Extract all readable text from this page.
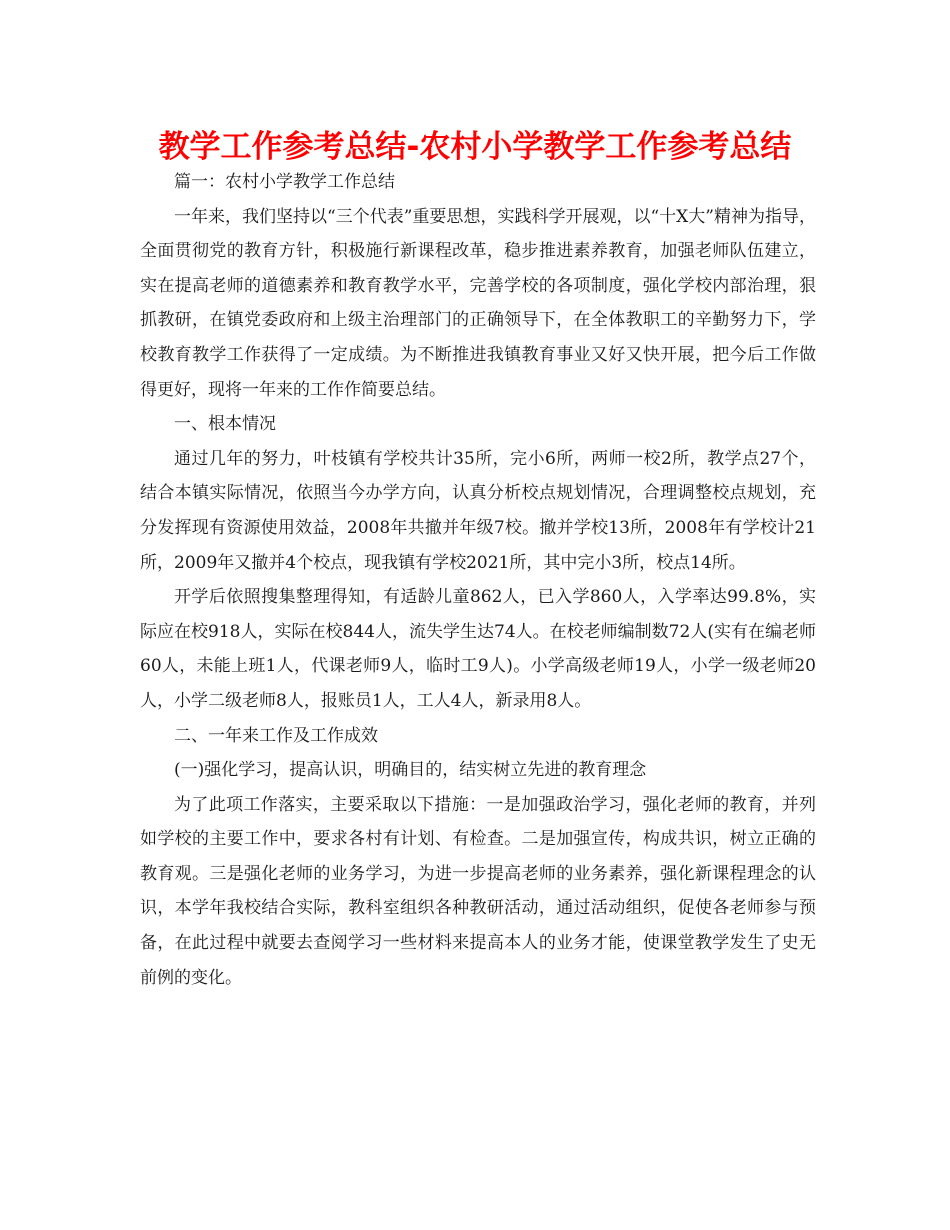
教学工作参考总结-农村小学教学工作参考总结

篇一：农村小学教学工作总结

一年来，我们坚持以“三个代表”重要思想，实践科学开展观，以“十X大”精神为指导，全面贯彻党的教育方针，积极施行新课程改革，稳步推进素养教育，加强老师队伍建立，实在提高老师的道德素养和教育教学水平，完善学校的各项制度，强化学校内部治理，狠抓教研，在镇党委政府和上级主治理部门的正确领导下，在全体教职工的辛勤努力下，学校教育教学工作获得了一定成绩。为不断推进我镇教育事业又好又快开展，把今后工作做得更好，现将一年来的工作作简要总结。

一、根本情况

通过几年的努力，叶枝镇有学校共计35所，完小6所，两师一校2所，教学点27个，结合本镇实际情况，依照当今办学方向，认真分析校点规划情况，合理调整校点规划，充分发挥现有资源使用效益，2008年共撤并年级7校。撤并学校13所，2008年有学校计21所，2009年又撤并4个校点，现我镇有学校2021所，其中完小3所，校点14所。

开学后依照搜集整理得知，有适龄儿童862人，已入学860人，入学率达99.8%，实际应在校918人，实际在校844人，流失学生达74人。在校老师编制数72人(实有在编老师60人，未能上班1人，代课老师9人，临时工9人)。小学高级老师19人，小学一级老师20人，小学二级老师8人，报账员1人，工人4人，新录用8人。

二、一年来工作及工作成效

(一)强化学习，提高认识，明确目的，结实树立先进的教育理念

为了此项工作落实，主要采取以下措施：一是加强政治学习，强化老师的教育，并列如学校的主要工作中，要求各村有计划、有检查。二是加强宣传，构成共识，树立正确的教育观。三是强化老师的业务学习，为进一步提高老师的业务素养，强化新课程理念的认识，本学年我校结合实际，教科室组织各种教研活动，通过活动组织，促使各老师参与预备，在此过程中就要去查阅学习一些材料来提高本人的业务才能，使课堂教学发生了史无前例的变化。
